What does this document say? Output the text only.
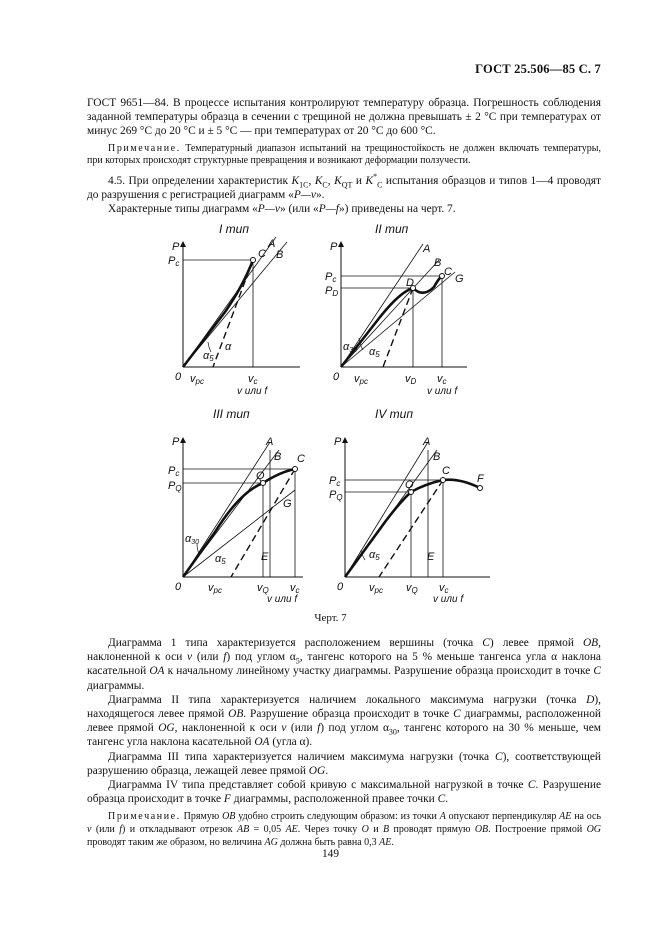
ГОСТ 25.506—85 С. 7

ГОСТ 9651—84. В процессе испытания контролируют температуру образца. Погрешность соблюдения заданной температуры образца в сечении с трещиной не должна превышать ± 2 °С при температурах от минус 269 °С до 20 °С и ± 5 °С — при температурах от 20 °С до 600 °С.

Примечание. Температурный диапазон испытаний на трещиностойкость не должен включать температуры, при которых происходят структурные превращения и возникают деформации ползучести.

4.5. При определении характеристик $K_{1C}$, $K_C$, $K_{QT}$ и $K^*_C$ испытания образцов и типов 1—4 проводят до разрушения с регистрацией диаграмм «P—v».

Характерные типы диаграмм «P—v» (или «P—f») приведены на черт. 7.

I тип
P
Pc
A
B
C
α
α5
0 vpc	vc
v или f
II тип
P
Pc
PD
A
B
C
D	G
α30 α5
0 vpc	vD vc
v или f
III тип
P
Pc
PQ
A
B C
Q
G
E
α30
α5
0 vpc	vQ vc
v или f
IV тип
P
Pc
PQ
A
B
C
Q	F
E
α5
0 vpc vQ vc
v или f
Черт. 7

Диаграмма 1 типа характеризуется расположением вершины (точка C) левее прямой OB, наклоненной к оси v (или f) под углом $\alpha_5$, тангенс которого на 5 % меньше тангенса угла α наклона касательной OA к начальному линейному участку диаграммы. Разрушение образца происходит в точке C диаграммы.

Диаграмма II типа характеризуется наличием локального максимума нагрузки (точка D), находящегося левее прямой OB. Разрушение образца происходит в точке C диаграммы, расположенной левее прямой OG, наклоненной к оси v (или f) под углом $\alpha_{30}$, тангенс которого на 30 % меньше, чем тангенс угла наклона касательной OA (угла α).

Диаграмма III типа характеризуется наличием максимума нагрузки (точка C), соответствующей разрушению образца, лежащей левее прямой OG.

Диаграмма IV типа представляет собой кривую с максимальной нагрузкой в точке C. Разрушение образца происходит в точке F диаграммы, расположенной правее точки C.

Примечание. Прямую OB удобно строить следующим образом: из точки A опускают перпендикуляр AE на ось v (или f) и откладывают отрезок AB = 0,05 AE. Через точку O и B проводят прямую OB. Построение прямой OG проводят таким же образом, но величина AG должна быть равна 0,3 AE.

149
